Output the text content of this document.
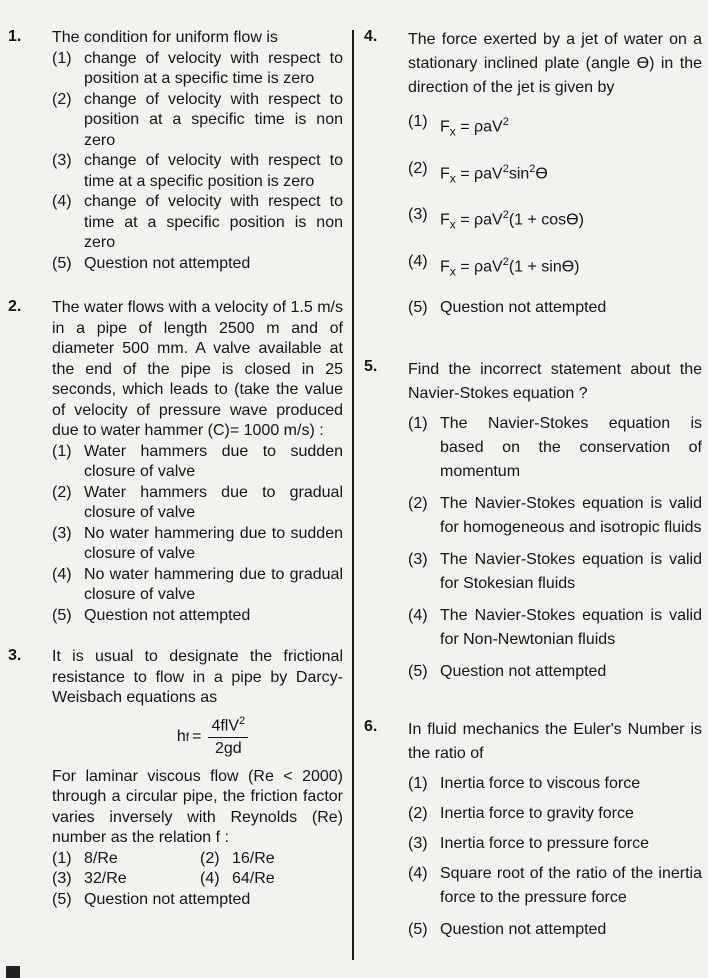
1. The condition for uniform flow is
(1) change of velocity with respect to position at a specific time is zero
(2) change of velocity with respect to position at a specific time is non zero
(3) change of velocity with respect to time at a specific position is zero
(4) change of velocity with respect to time at a specific position is non zero
(5) Question not attempted
2. The water flows with a velocity of 1.5 m/s in a pipe of length 2500 m and of diameter 500 mm. A valve available at the end of the pipe is closed in 25 seconds, which leads to (take the value of velocity of pressure wave produced due to water hammer (C)= 1000 m/s) :
(1) Water hammers due to sudden closure of valve
(2) Water hammers due to gradual closure of valve
(3) No water hammering due to sudden closure of valve
(4) No water hammering due to gradual closure of valve
(5) Question not attempted
3. It is usual to designate the frictional resistance to flow in a pipe by Darcy-Weisbach equations as
h $f = \frac{4flV^2}{2gd}$
For laminar viscous flow (Re < 2000) through a circular pipe, the friction factor varies inversely with Reynolds (Re) number as the relation f :
(1) 8/Re	(2) 16/Re
(3) 32/Re	(4) 64/Re
(5) Question not attempted
4. The force exerted by a jet of water on a stationary inclined plate (angle ϴ) in the direction of the jet is given by
(1) $F_x = \rho aV^2$
(2) $F_x = \rho aV^2\sin^2ϴ$
(3) $F_x = \rho aV^2(1 + \cos ϴ)$
(4) $F_x = \rho aV^2(1 + \sin ϴ)$
(5) Question not attempted
5. Find the incorrect statement about the Navier-Stokes equation ?
(1) The Navier-Stokes equation is based on the conservation of momentum
(2) The Navier-Stokes equation is valid for homogeneous and isotropic fluids
(3) The Navier-Stokes equation is valid for Stokesian fluids
(4) The Navier-Stokes equation is valid for Non-Newtonian fluids
(5) Question not attempted
6. In fluid mechanics the Euler's Number is the ratio of
(1) Inertia force to viscous force
(2) Inertia force to gravity force
(3) Inertia force to pressure force
(4) Square root of the ratio of the inertia force to the pressure force
(5) Question not attempted
